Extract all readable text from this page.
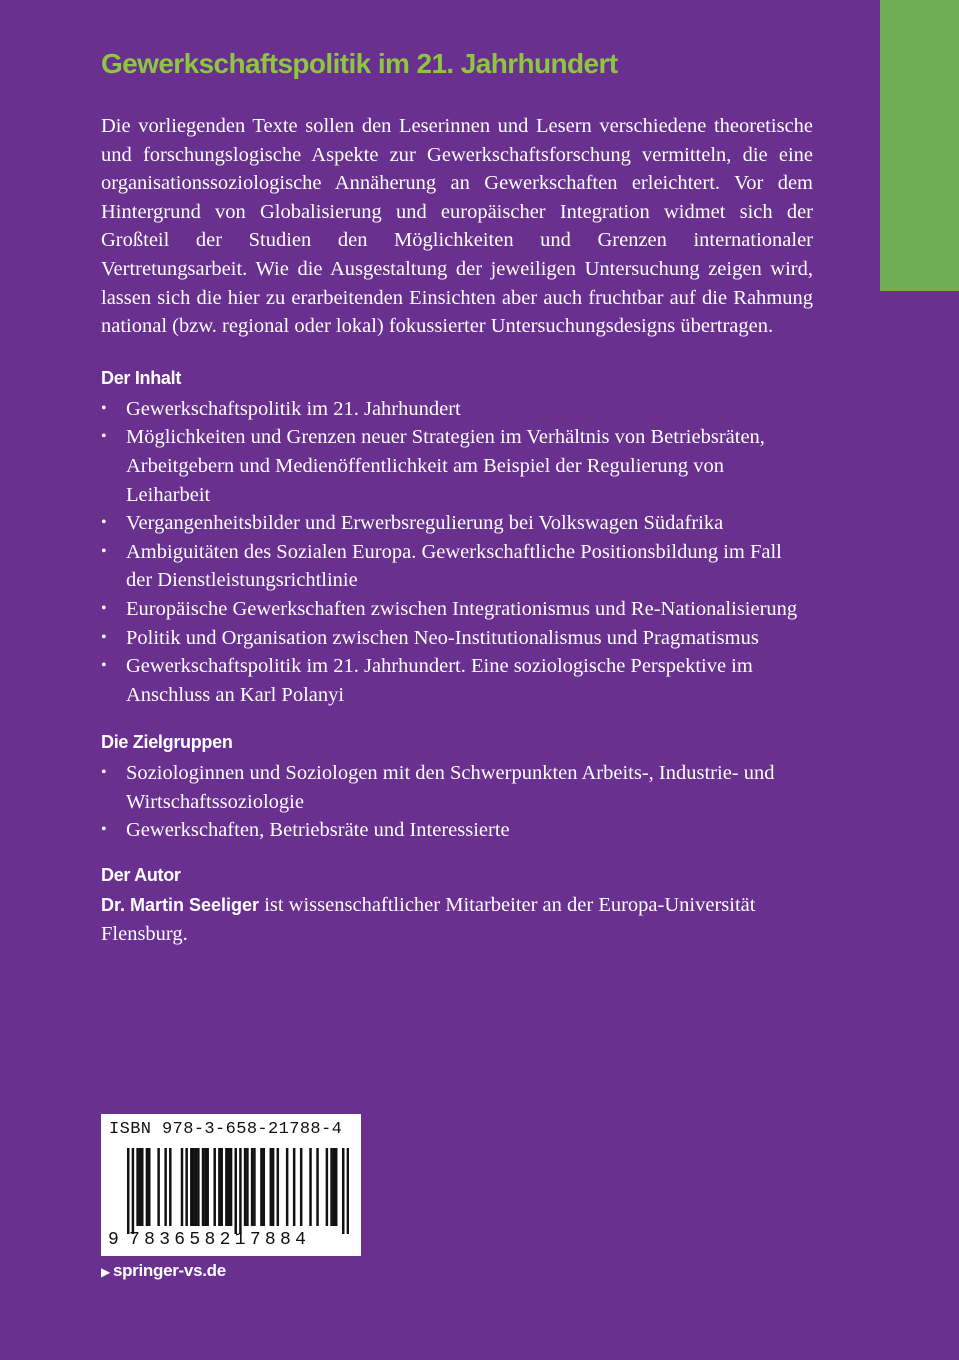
Gewerkschaftspolitik im 21. Jahrhundert

Die vorliegenden Texte sollen den Leserinnen und Lesern verschiedene theoretische und forschungslogische Aspekte zur Gewerkschaftsforschung vermitteln, die eine organisationssoziologische Annäherung an Gewerkschaften erleichtert. Vor dem Hintergrund von Globalisierung und europäischer Integration widmet sich der Großteil der Studien den Möglichkeiten und Grenzen internationaler Vertretungsarbeit. Wie die Ausgestaltung der jeweiligen Untersuchung zeigen wird, lassen sich die hier zu erarbeitenden Einsichten aber auch fruchtbar auf die Rahmung national (bzw. regional oder lokal) fokussierter Untersuchungsdesigns übertragen.

Der Inhalt
• Gewerkschaftspolitik im 21. Jahrhundert
• Möglichkeiten und Grenzen neuer Strategien im Verhältnis von Betriebsräten, Arbeitgebern und Medienöffentlichkeit am Beispiel der Regulierung von Leiharbeit
• Vergangenheitsbilder und Erwerbsregulierung bei Volkswagen Südafrika
• Ambiguitäten des Sozialen Europa. Gewerkschaftliche Positionsbildung im Fall der Dienstleistungsrichtlinie
• Europäische Gewerkschaften zwischen Integrationismus und Re-Nationalisierung
• Politik und Organisation zwischen Neo-Institutionalismus und Pragmatismus
• Gewerkschaftspolitik im 21. Jahrhundert. Eine soziologische Perspektive im Anschluss an Karl Polanyi
Die Zielgruppen
• Soziologinnen und Soziologen mit den Schwerpunkten Arbeits-, Industrie- und Wirtschaftssoziologie
• Gewerkschaften, Betriebsräte und Interessierte
Der Autor

Dr. Martin Seeliger ist wissenschaftlicher Mitarbeiter an der Europa-Universität Flensburg.

ISBN 978-3-658-21788-4
9 783658217884
▶ springer-vs.de
